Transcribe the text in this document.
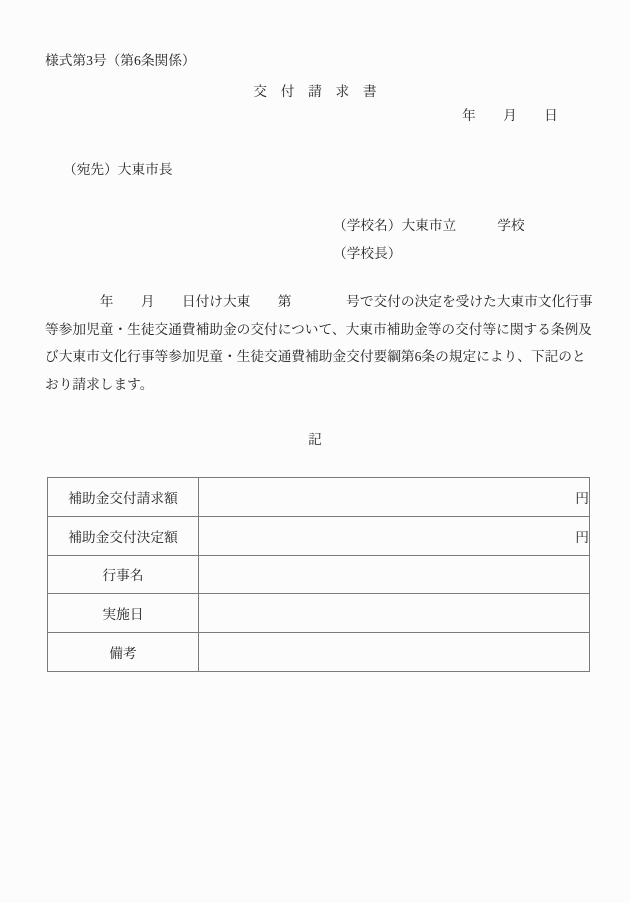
様式第3号（第6条関係）
交　付　請　求　書
年　　月　　日
（宛先）大東市長
（学校名）大東市立　　　学校
（学校長）
　　　　年　　月　　日付け大東　　第　　　　号で交付の決定を受けた大東市文化行事
等参加児童・生徒交通費補助金の交付について、大東市補助金等の交付等に関する条例及
び大東市文化行事等参加児童・生徒交通費補助金交付要綱第6条の規定により、下記のと
おり請求します。
記
補助金交付請求額	円
補助金交付決定額	円
行事名	
実施日	
備考	
